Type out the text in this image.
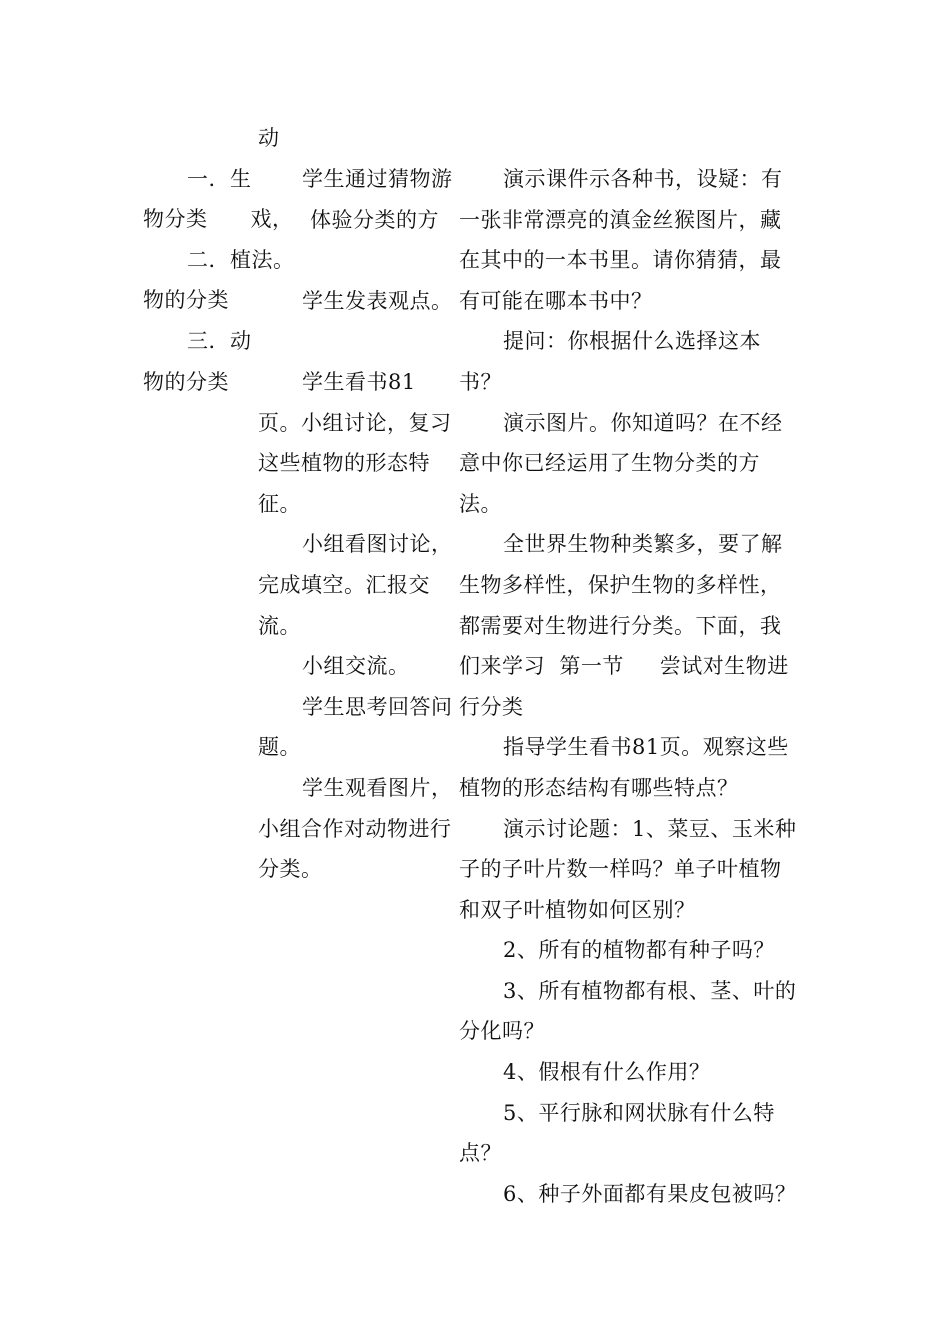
动

一．生

物分类      戏，

二．植法。

物的分类

三．动

物的分类

学生通过猜物游

体验分类的方

学生发表观点。

学生看书81

页。小组讨论，复习

这些植物的形态特

征。

小组看图讨论，

完成填空。汇报交

流。

小组交流。

学生思考回答问

题。

学生观看图片，

小组合作对动物进行

分类。

演示课件示各种书，设疑：有

一张非常漂亮的滇金丝猴图片，藏

在其中的一本书里。请你猜猜，最

有可能在哪本书中？

提问：你根据什么选择这本

书？

演示图片。你知道吗？在不经

意中你已经运用了生物分类的方

法。

全世界生物种类繁多，要了解

生物多样性，保护生物的多样性，

都需要对生物进行分类。下面，我

们来学习  第一节     尝试对生物进

行分类

指导学生看书81页。观察这些

植物的形态结构有哪些特点？

演示讨论题：1、菜豆、玉米种

子的子叶片数一样吗？单子叶植物

和双子叶植物如何区别？

2、所有的植物都有种子吗？

3、所有植物都有根、茎、叶的

分化吗？

4、假根有什么作用？

5、平行脉和网状脉有什么特

点？

6、种子外面都有果皮包被吗？
